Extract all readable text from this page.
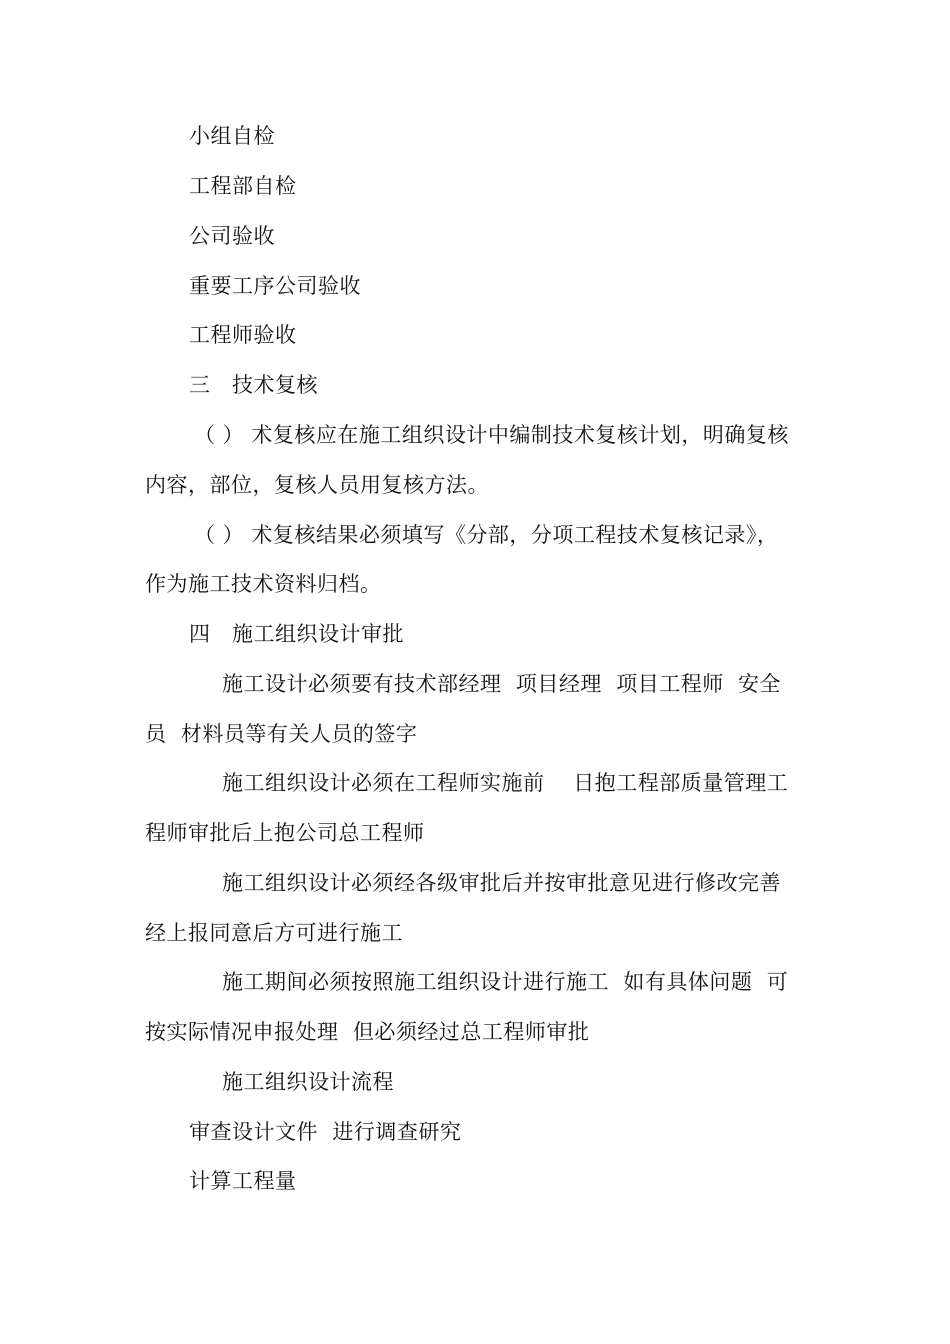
小组自检
工程部自检
公司验收
重要工序公司验收
工程师验收
三　技术复核
（ ） 术复核应在施工组织设计中编制技术复核计划，明确复核
内容，部位，复核人员用复核方法。
（ ） 术复核结果必须填写《分部，分项工程技术复核记录》，
作为施工技术资料归档。
四　施工组织设计审批
施工设计必须要有技术部经理  项目经理  项目工程师  安全
员  材料员等有关人员的签字
施工组织设计必须在工程师实施前    日抱工程部质量管理工
程师审批后上抱公司总工程师
施工组织设计必须经各级审批后并按审批意见进行修改完善
经上报同意后方可进行施工
施工期间必须按照施工组织设计进行施工  如有具体问题  可
按实际情况申报处理  但必须经过总工程师审批
施工组织设计流程
审查设计文件  进行调查研究
计算工程量
